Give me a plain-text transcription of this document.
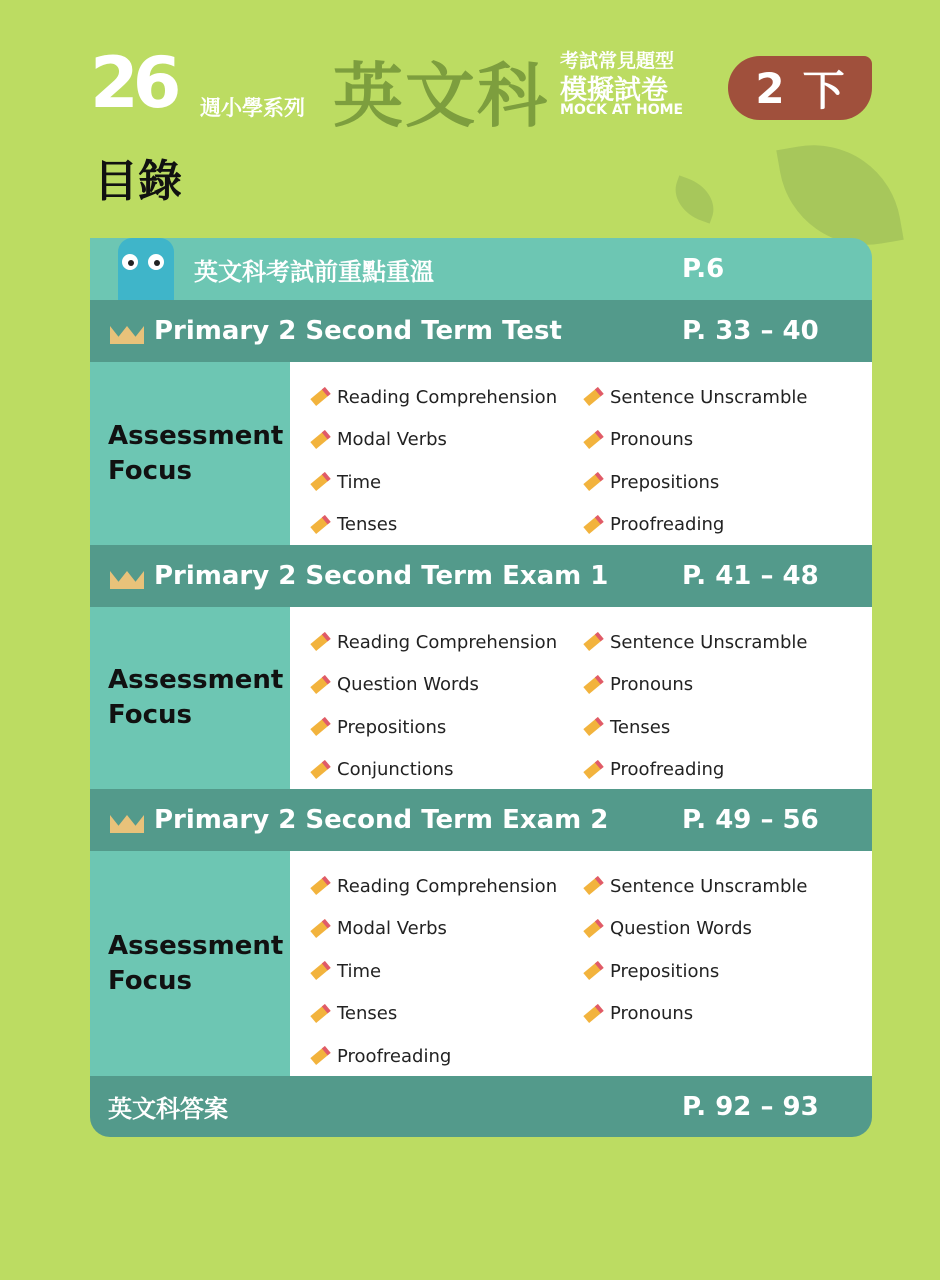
26 週小學系列 英文科 考試常見題型
模擬試卷
MOCK AT HOME 2 下
目錄
英文科考試前重點重溫	P.6
Primary 2 Second Term Test	P. 33 – 40
Assessment Focus
Reading Comprehension	Sentence Unscramble
Modal Verbs	Pronouns
Time	Prepositions
Tenses	Proofreading
Primary 2 Second Term Exam 1	P. 41 – 48
Assessment Focus
Reading Comprehension	Sentence Unscramble
Question Words	Pronouns
Prepositions	Tenses
Conjunctions	Proofreading
Primary 2 Second Term Exam 2	P. 49 – 56
Assessment Focus
Reading Comprehension	Sentence Unscramble
Modal Verbs	Question Words
Time	Prepositions
Tenses	Pronouns
Proofreading
英文科答案	P. 92 – 93
